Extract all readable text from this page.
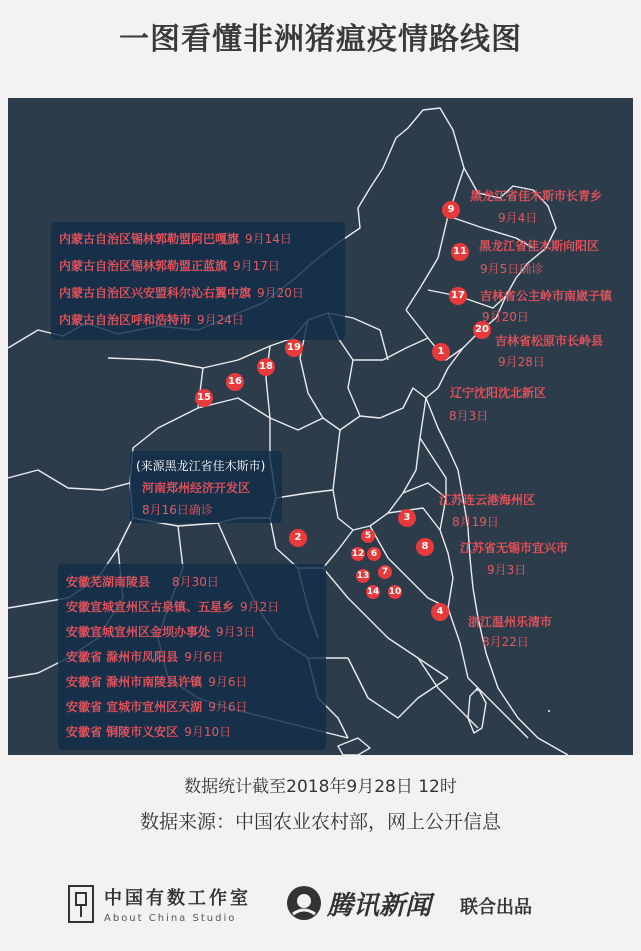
一图看懂非洲猪瘟疫情路线图
内蒙古自治区锡林郭勒盟阿巴嘎旗 9月14日
内蒙古自治区锡林郭勒盟正蓝旗 9月17日
内蒙古自治区兴安盟科尔沁右翼中旗 9月20日
内蒙古自治区呼和浩特市 9月24日
(来源黑龙江省佳木斯市)
河南郑州经济开发区
8月16日确诊
安徽芜湖南陵县 8月30日
安徽宣城宣州区古泉镇、五星乡 9月2日
安徽宣城宣州区金坝办事处 9月3日
安徽省 滁州市凤阳县 9月6日
安徽省 滁州市南陵县许镇 9月6日
安徽省 宣城市宣州区天湖 9月6日
安徽省 铜陵市义安区 9月10日
1
2
3
4
5
6
7
8
9
10
11
12
13
14
15
16
17
18
19
20
黑龙江省佳木斯市长青乡
9月4日
黑龙江省佳木斯向阳区
9月5日确诊
吉林省公主岭市南崴子镇
9月20日
吉林省松原市长岭县
9月28日
辽宁沈阳沈北新区
8月3日
江苏连云港海州区
8月19日
江苏省无锡市宜兴市
9月3日
浙江温州乐清市
8月22日
数据统计截至2018年9月28日 12时
数据来源：中国农业农村部，网上公开信息
中国有数工作室
About China Studio	腾讯新闻 联合出品
